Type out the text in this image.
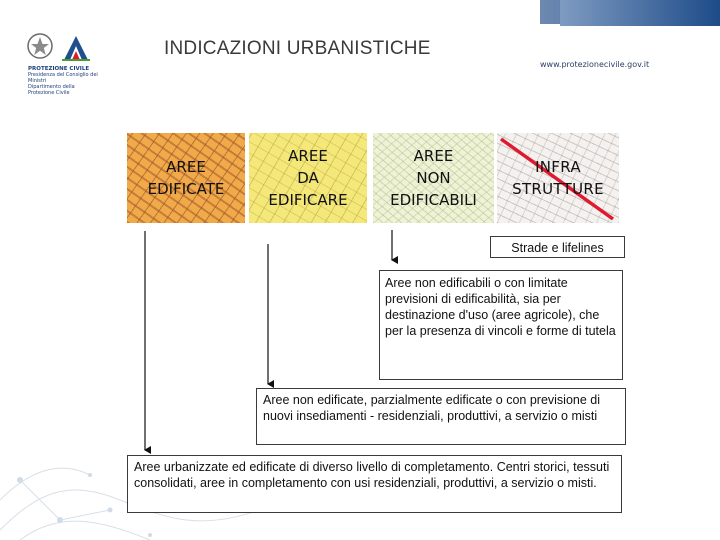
PROTEZIONE CIVILE
Presidenza del Consiglio dei Ministri
Dipartimento della Protezione Civile
INDICAZIONI URBANISTICHE
www.protezionecivile.gov.it
AREE
EDIFICATE
AREE
DA
EDIFICARE
AREE
NON
EDIFICABILI
INFRA
STRUTTURE
Strade e lifelines
Aree non edificabili o con limitate previsioni di edificabilità, sia per destinazione d'uso (aree agricole), che per la presenza di vincoli e forme di tutela
Aree non edificate, parzialmente edificate o con previsione di nuovi insediamenti - residenziali, produttivi, a servizio o misti
Aree urbanizzate ed edificate di diverso livello di completamento. Centri storici, tessuti consolidati, aree in completamento con usi residenziali, produttivi, a servizio o misti.
